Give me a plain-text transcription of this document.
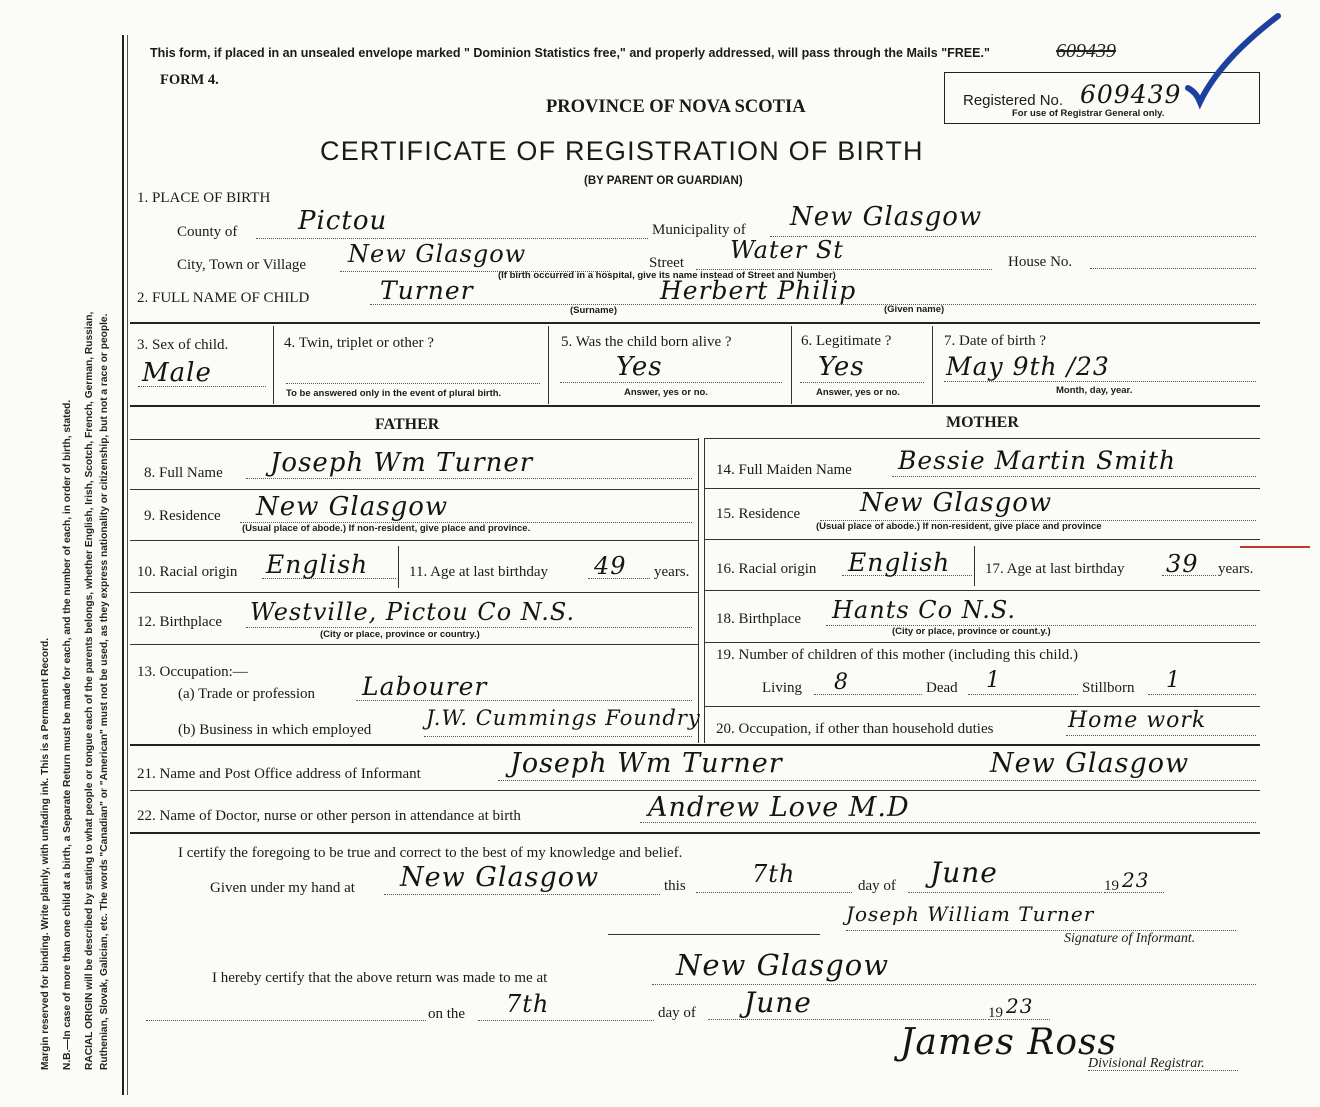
Margin reserved for binding. Write plainly, with unfading ink. This is a Permanent Record. N.B.—In case of more than one child at a birth, a Separate Return must be made for each, and the number of each, in order of birth, stated. RACIAL ORIGIN will be described by stating to what people or tongue each of the parents belongs, whether English, Irish, Scotch, French, German, Russian, Ruthenian, Slovak, Galician, etc. The words "Canadian" or "American" must not be used, as they express nationality or citizenship, but not a race or people.
This form, if placed in an unsealed envelope marked " Dominion Statistics free," and properly addressed, will pass through the Mails "FREE."	609439
FORM 4.
PROVINCE OF NOVA SCOTIA
CERTIFICATE OF REGISTRATION OF BIRTH
(BY PARENT OR GUARDIAN)
Registered No. 609439
For use of Registrar General only.
1. PLACE OF BIRTH
County of Pictou	Municipality of New Glasgow
City, Town or Village New Glasgow	Street Water St	House No.
(If birth occurred in a hospital, give its name instead of Street and Number)
2. FULL NAME OF CHILD	Turner	Herbert Philip
(Surname)	(Given name)
3. Sex of child.
Male
4. Twin, triplet or other ?
To be answered only in the event of plural birth.
5. Was the child born alive ?
Yes
Answer, yes or no.
6. Legitimate ?
Yes
Answer, yes or no.
7. Date of birth ?
May 9th /23
Month, day, year.
FATHER	MOTHER
8. Full Name Joseph Wm Turner
9. Residence New Glasgow
(Usual place of abode.) If non-resident, give place and province.
10. Racial origin English	11. Age at last birthday 49 years.
12. Birthplace Westville, Pictou Co N.S.
(City or place, province or country.)
13. Occupation:—
(a) Trade or profession Labourer
(b) Business in which employed	J.W. Cummings Foundry
14. Full Maiden Name Bessie Martin Smith
15. Residence New Glasgow
(Usual place of abode.) If non-resident, give place and province
16. Racial origin English 17. Age at last birthday 39 years.
18. Birthplace Hants Co N.S.
(City or place, province or count.y.)
19. Number of children of this mother (including this child.)
Living 8	Dead 1	Stillborn 1
20. Occupation, if other than household duties	Home work
21. Name and Post Office address of Informant	Joseph Wm Turner	New Glasgow
22. Name of Doctor, nurse or other person in attendance at birth	Andrew Love M.D
I certify the foregoing to be true and correct to the best of my knowledge and belief.
Given under my hand at New Glasgow	this	7th	day of June	19 23
Joseph William Turner
Signature of Informant.
I hereby certify that the above return was made to me at	New Glasgow
on the 7th	day of June	19 23
James Ross
Divisional Registrar.
